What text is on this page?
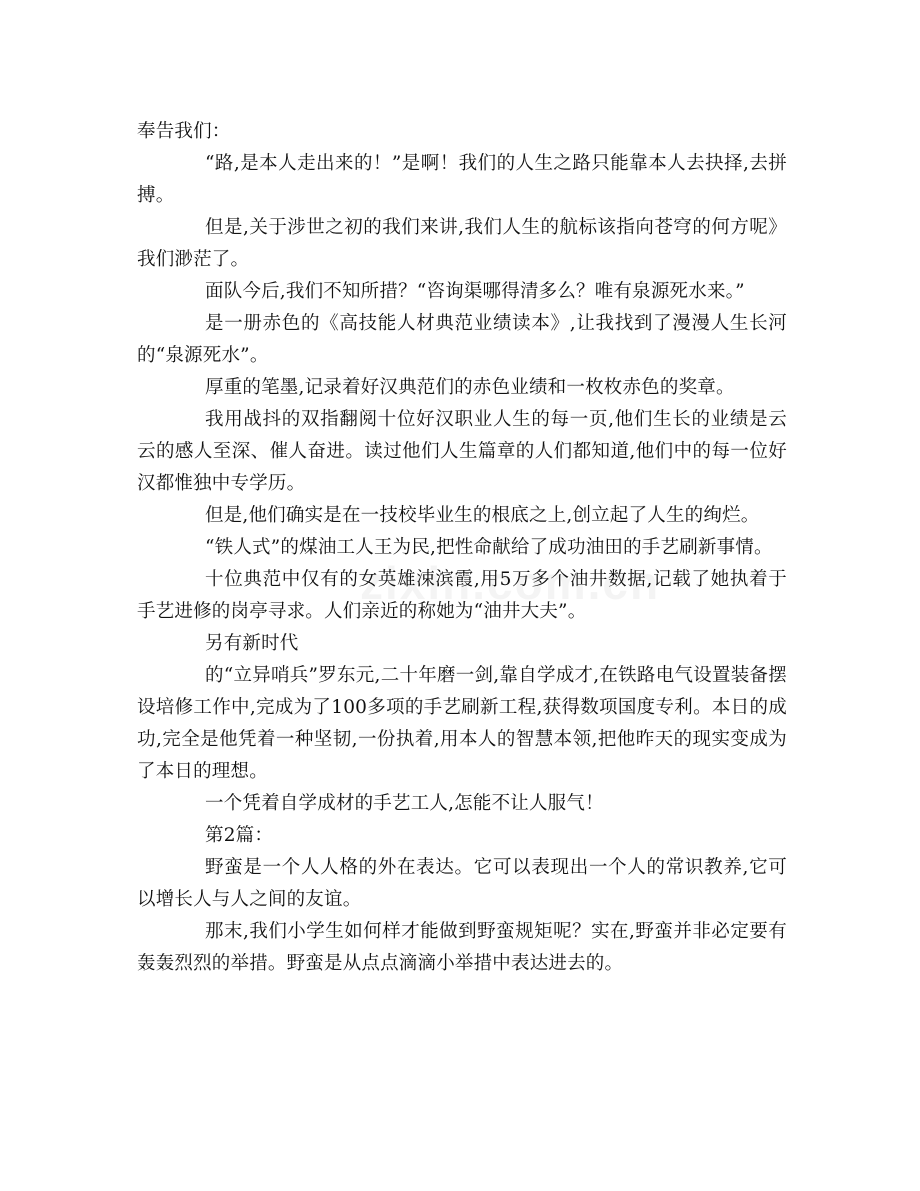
奉告我们：

“路,是本人走出来的！”是啊！我们的人生之路只能靠本人去抉择,去拼搏。

但是,关于涉世之初的我们来讲,我们人生的航标该指向苍穹的何方呢》我们渺茫了。

面队今后,我们不知所措？“咨询渠哪得清多么？唯有泉源死水来。”

是一册赤色的《高技能人材典范业绩读本》,让我找到了漫漫人生长河的“泉源死水”。

厚重的笔墨,记录着好汉典范们的赤色业绩和一枚枚赤色的奖章。

我用战抖的双指翻阅十位好汉职业人生的每一页,他们生长的业绩是云云的感人至深、催人奋进。读过他们人生篇章的人们都知道,他们中的每一位好汉都惟独中专学历。

但是,他们确实是在一技校毕业生的根底之上,创立起了人生的绚烂。

“铁人式”的煤油工人王为民,把性命献给了成功油田的手艺刷新事情。

十位典范中仅有的女英雄涑滨霞,用5万多个油井数据,记载了她执着于手艺进修的岗亭寻求。人们亲近的称她为“油井大夫”。

另有新时代

的“立异哨兵”罗东元,二十年磨一剑,靠自学成才,在铁路电气设置装备摆设培修工作中,完成为了100多项的手艺刷新工程,获得数项国度专利。本日的成功,完全是他凭着一种坚韧,一份执着,用本人的智慧本领,把他昨天的现实变成为了本日的理想。

一个凭着自学成材的手艺工人,怎能不让人服气！

第2篇：

野蛮是一个人人格的外在表达。它可以表现出一个人的常识教养,它可以增长人与人之间的友谊。

那末,我们小学生如何样才能做到野蛮规矩呢？实在,野蛮并非必定要有轰轰烈烈的举措。野蛮是从点点滴滴小举措中表达进去的。
